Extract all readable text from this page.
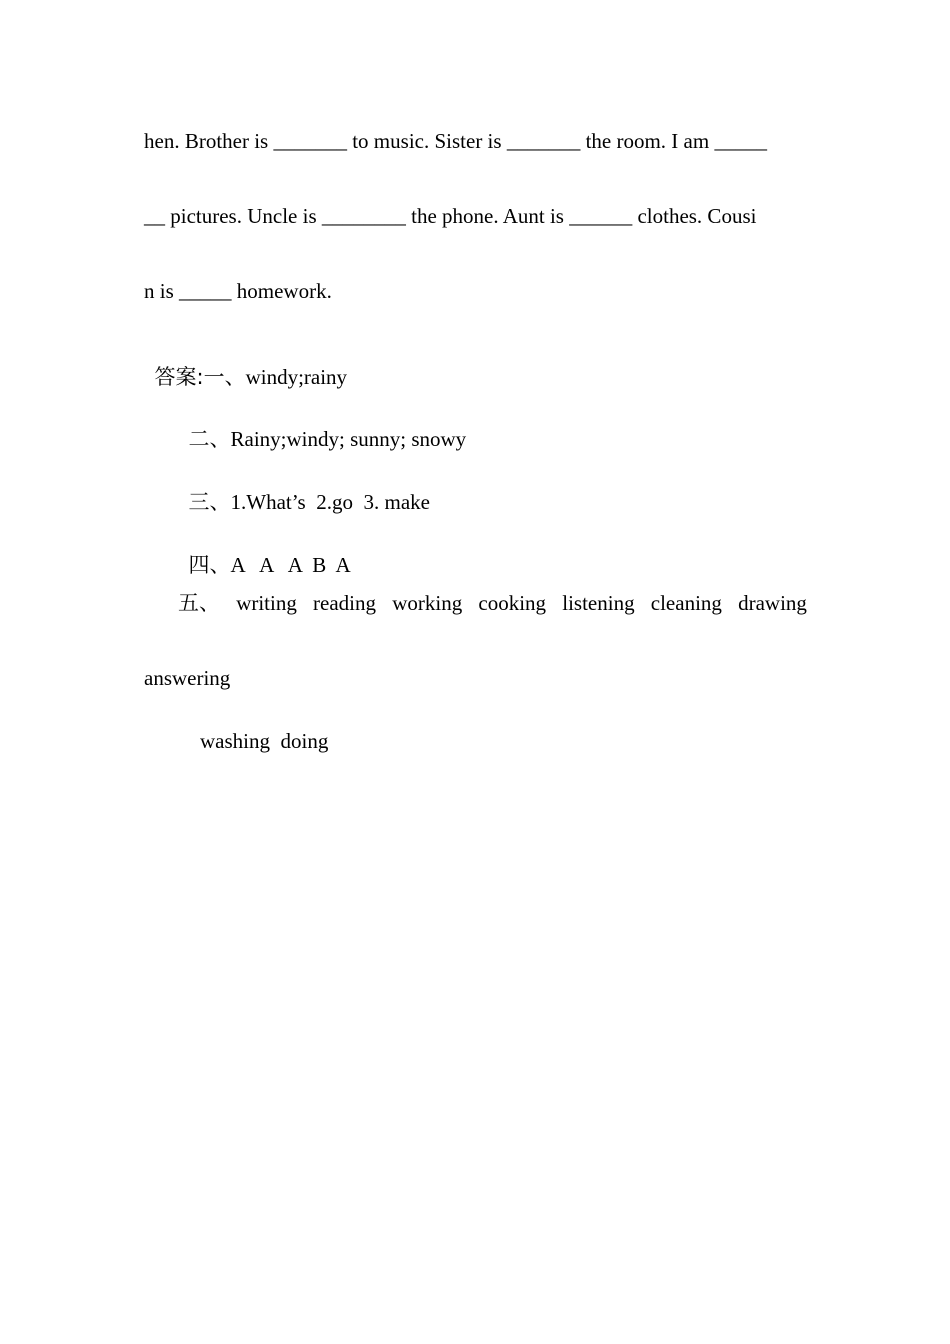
hen. Brother is _______ to music. Sister is _______ the room. I am _____
__ pictures. Uncle is ________ the phone. Aunt is ______ clothes. Cousi
n is _____ homework.

答案:一、windy;rainy

二、Rainy;windy; sunny; snowy

三、1.What’s  2.go  3. make

四、A   A   A  B  A

五、 writing reading working cooking listening cleaning drawing
answering
washing  doing
